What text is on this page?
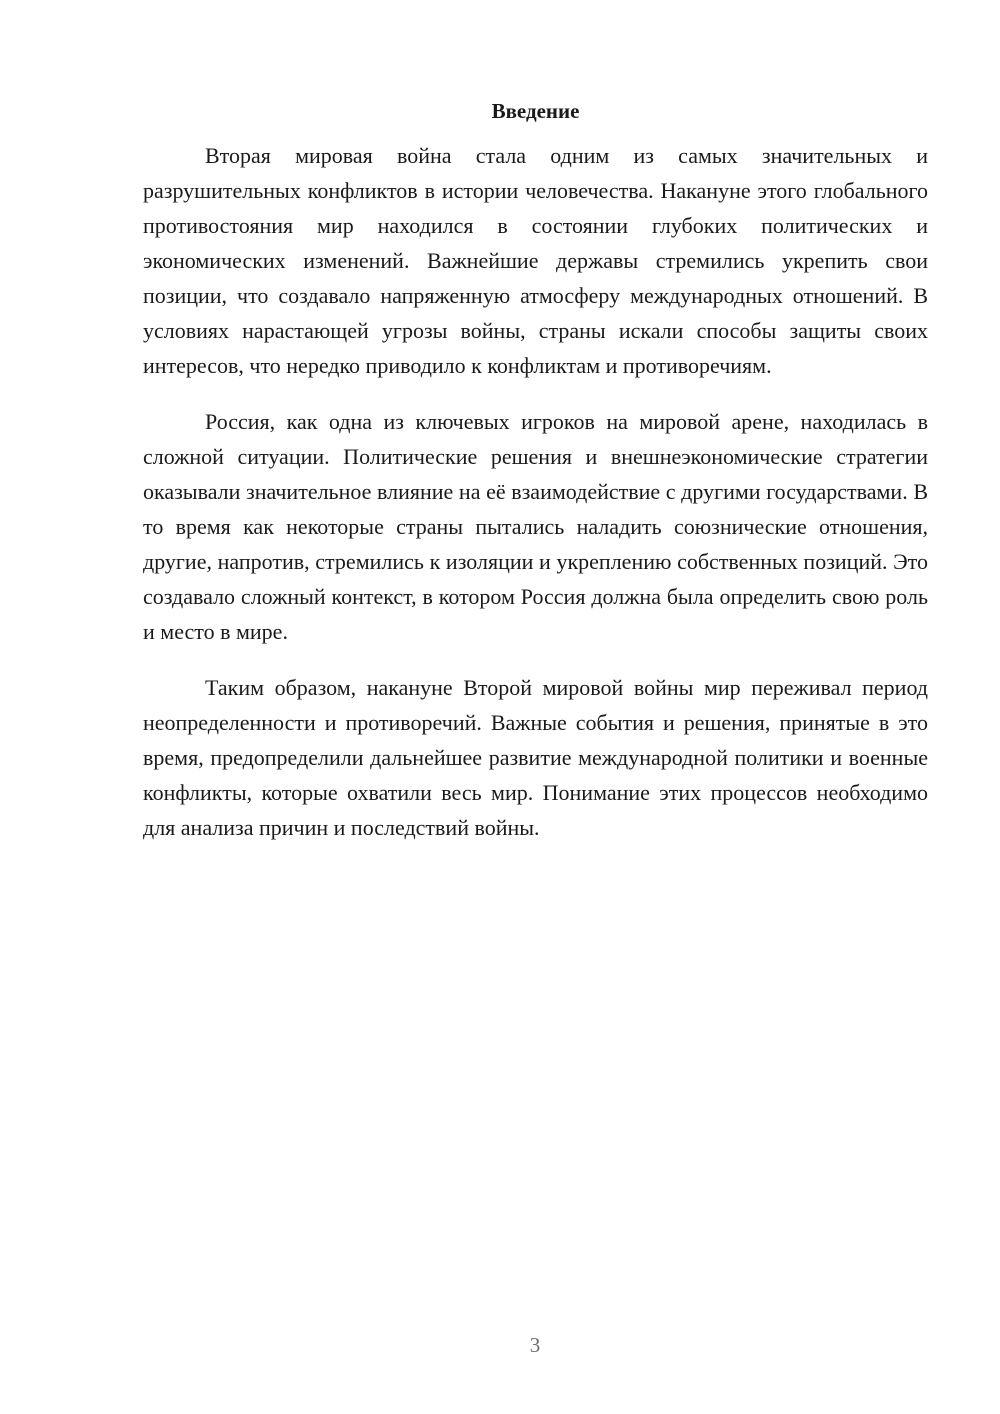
Введение

Вторая мировая война стала одним из самых значительных и разрушительных конфликтов в истории человечества. Накануне этого глобального противостояния мир находился в состоянии глубоких политических и экономических изменений. Важнейшие державы стремились укрепить свои позиции, что создавало напряженную атмосферу международных отношений. В условиях нарастающей угрозы войны, страны искали способы защиты своих интересов, что нередко приводило к конфликтам и противоречиям.

Россия, как одна из ключевых игроков на мировой арене, находилась в сложной ситуации. Политические решения и внешнеэкономические стратегии оказывали значительное влияние на её взаимодействие с другими государствами. В то время как некоторые страны пытались наладить союзнические отношения, другие, напротив, стремились к изоляции и укреплению собственных позиций. Это создавало сложный контекст, в котором Россия должна была определить свою роль и место в мире.

Таким образом, накануне Второй мировой войны мир переживал период неопределенности и противоречий. Важные события и решения, принятые в это время, предопределили дальнейшее развитие международной политики и военные конфликты, которые охватили весь мир. Понимание этих процессов необходимо для анализа причин и последствий войны.

3
